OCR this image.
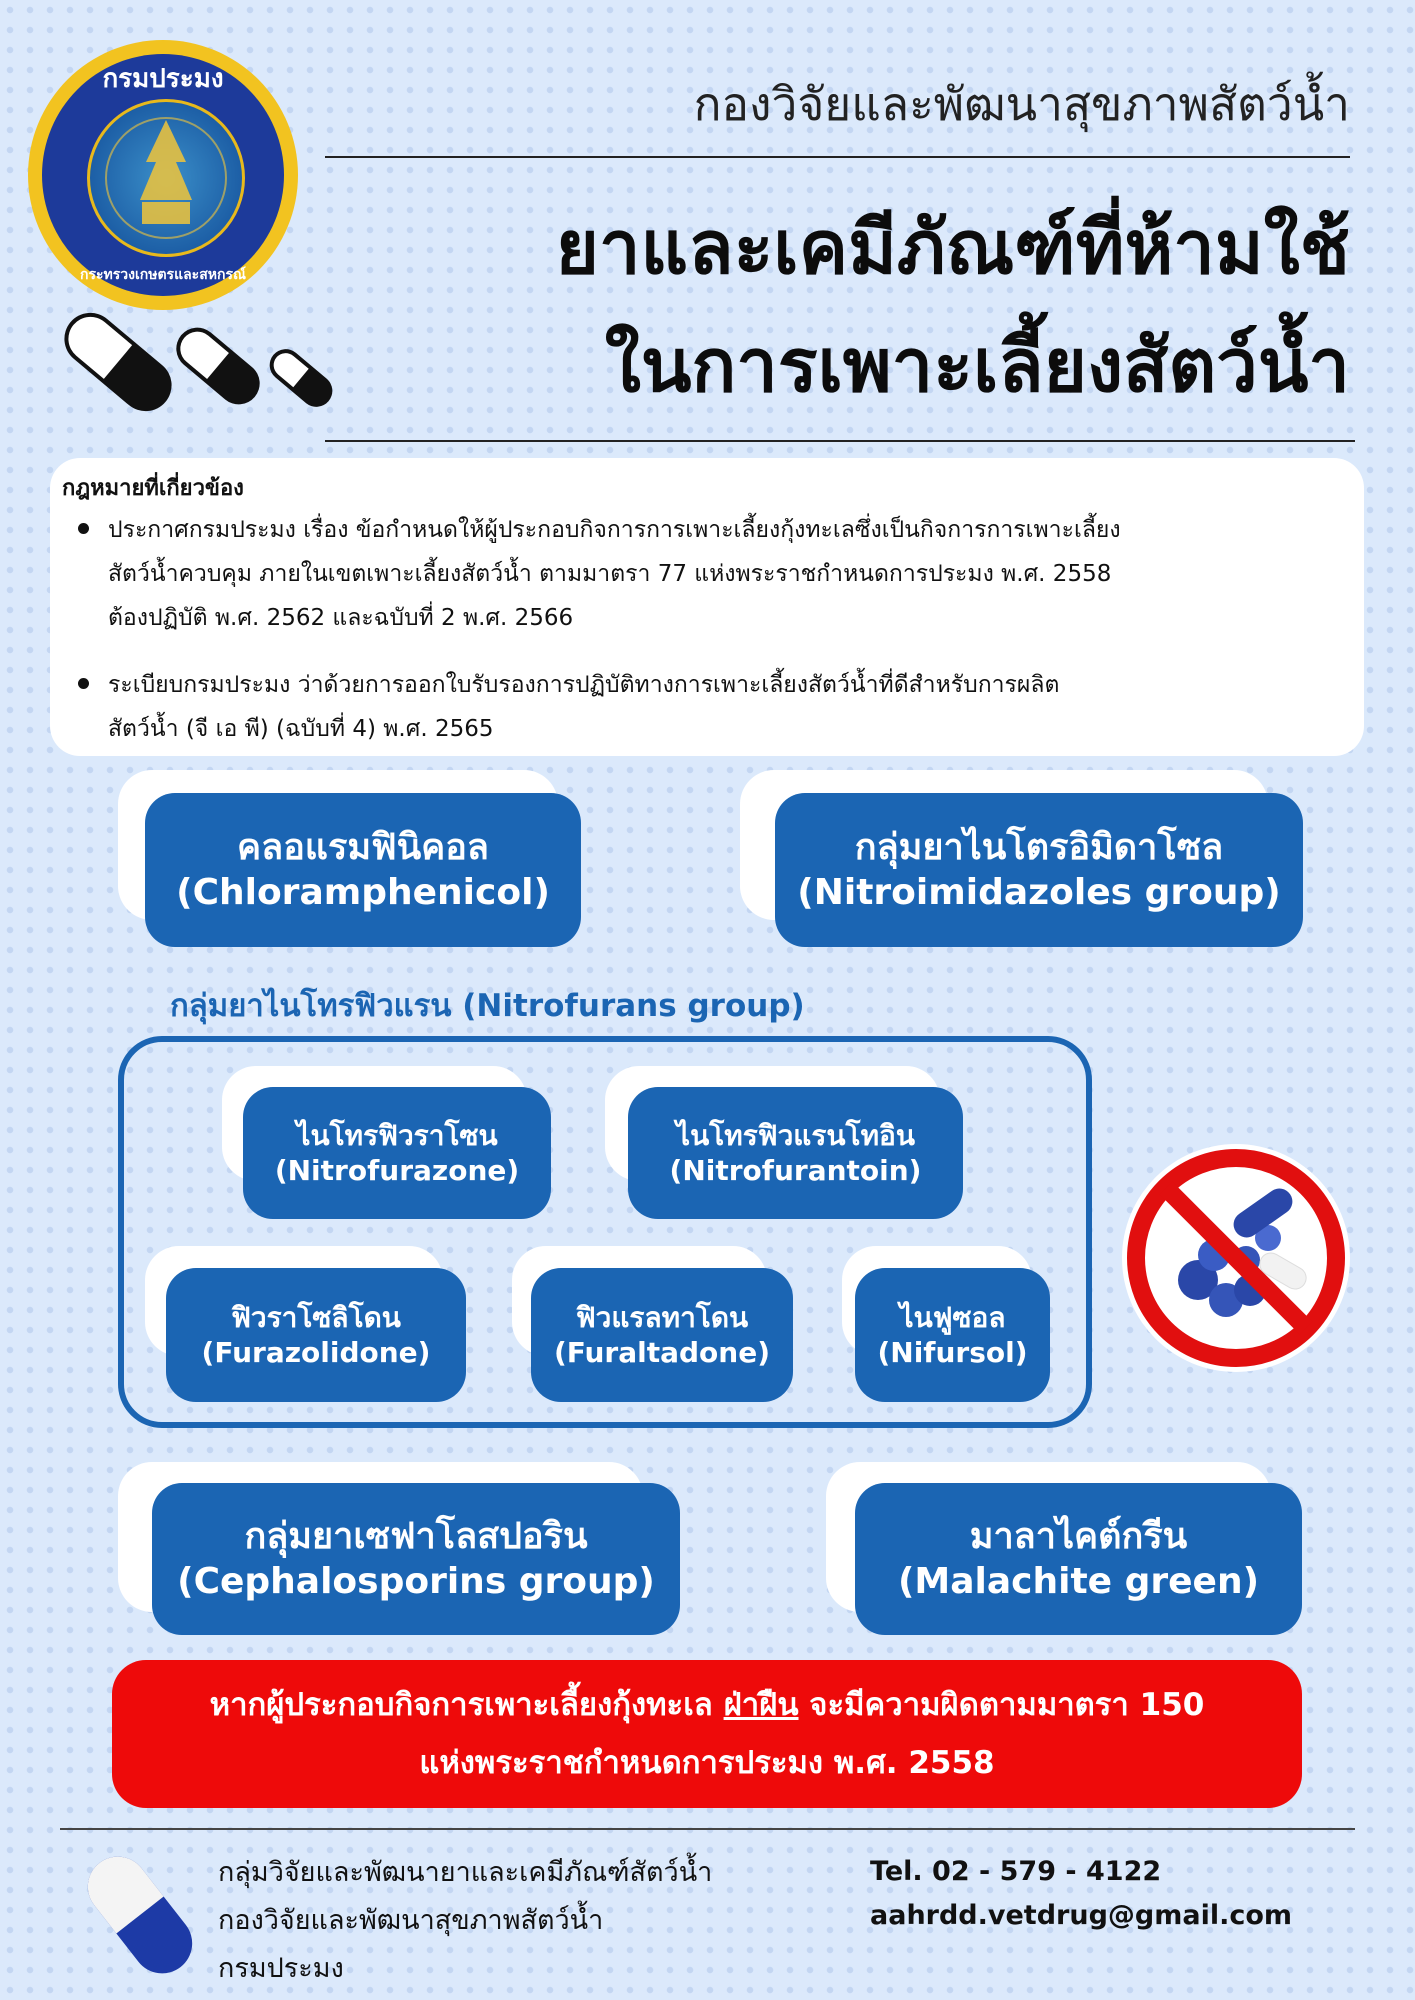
กรมประมง
กระทรวงเกษตรและสหกรณ์
กองวิจัยและพัฒนาสุขภาพสัตว์น้ำ
ยาและเคมีภัณฑ์ที่ห้ามใช้
ในการเพาะเลี้ยงสัตว์น้ำ
กฎหมายที่เกี่ยวข้อง
ประกาศกรมประมง เรื่อง ข้อกำหนดให้ผู้ประกอบกิจการการเพาะเลี้ยงกุ้งทะเลซึ่งเป็นกิจการการเพาะเลี้ยง
สัตว์น้ำควบคุม ภายในเขตเพาะเลี้ยงสัตว์น้ำ ตามมาตรา 77 แห่งพระราชกำหนดการประมง พ.ศ. 2558
ต้องปฏิบัติ พ.ศ. 2562 และฉบับที่ 2 พ.ศ. 2566
ระเบียบกรมประมง ว่าด้วยการออกใบรับรองการปฏิบัติทางการเพาะเลี้ยงสัตว์น้ำที่ดีสำหรับการผลิต
สัตว์น้ำ (จี เอ พี) (ฉบับที่ 4) พ.ศ. 2565
คลอแรมฟินิคอล
(Chloramphenicol)
กลุ่มยาไนโตรอิมิดาโซล
(Nitroimidazoles group)
กลุ่มยาไนโทรฟิวแรน (Nitrofurans group)
ไนโทรฟิวราโซน
(Nitrofurazone)
ไนโทรฟิวแรนโทอิน
(Nitrofurantoin)
ฟิวราโซลิโดน
(Furazolidone)
ฟิวแรลทาโดน
(Furaltadone)
ไนฟูซอล
(Nifursol)
กลุ่มยาเซฟาโลสปอริน
(Cephalosporins group)
มาลาไคต์กรีน
(Malachite green)
หากผู้ประกอบกิจการเพาะเลี้ยงกุ้งทะเล ฝ่าฝืน จะมีความผิดตามมาตรา 150
แห่งพระราชกำหนดการประมง พ.ศ. 2558
กลุ่มวิจัยและพัฒนายาและเคมีภัณฑ์สัตว์น้ำ
กองวิจัยและพัฒนาสุขภาพสัตว์น้ำ
กรมประมง
Tel. 02 - 579 - 4122
aahrdd.vetdrug@gmail.com
